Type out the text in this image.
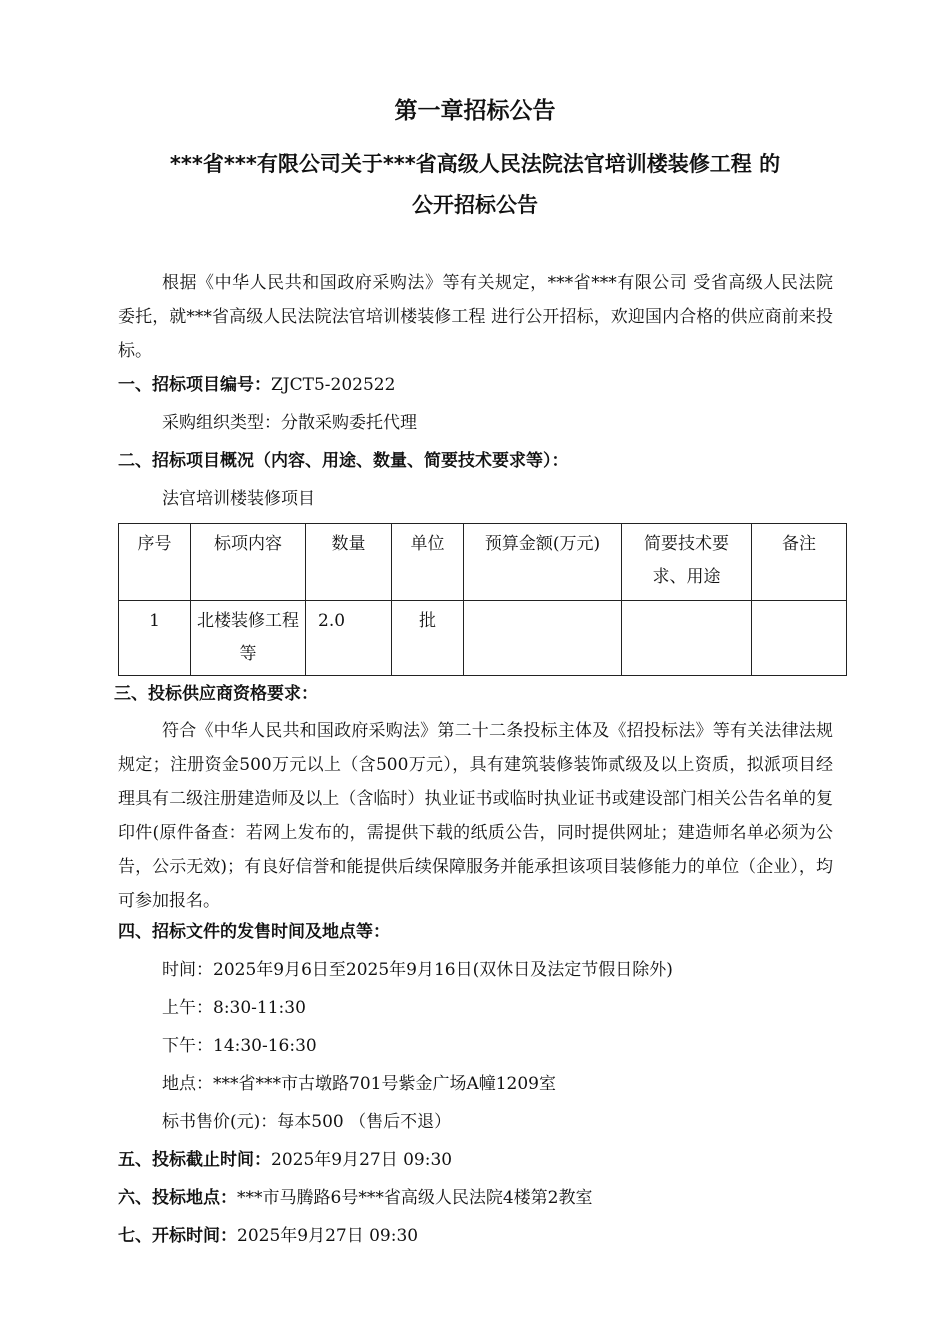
第一章招标公告
***省***有限公司关于***省高级人民法院法官培训楼装修工程 的
公开招标公告
根据《中华人民共和国政府采购法》等有关规定，***省***有限公司 受省高级人民法院 委托，就***省高级人民法院法官培训楼装修工程 进行公开招标，欢迎国内合格的供应商前来投标。
一、招标项目编号：ZJCT5-202522
采购组织类型：分散采购委托代理
二、招标项目概况（内容、用途、数量、简要技术要求等）：
法官培训楼装修项目
序号	标项内容	数量	单位	预算金额(万元)	简要技术要求、用途	备注
1	北楼装修工程等	2.0	批			
三、投标供应商资格要求：
符合《中华人民共和国政府采购法》第二十二条投标主体及《招投标法》等有关法律法规规定；注册资金500万元以上（含500万元），具有建筑装修装饰贰级及以上资质，拟派项目经理具有二级注册建造师及以上（含临时）执业证书或临时执业证书或建设部门相关公告名单的复印件(原件备查：若网上发布的，需提供下载的纸质公告，同时提供网址；建造师名单必须为公告，公示无效)；有良好信誉和能提供后续保障服务并能承担该项目装修能力的单位（企业），均可参加报名。
四、招标文件的发售时间及地点等：
时间：2025年9月6日至2025年9月16日(双休日及法定节假日除外)
上午：8:30-11:30
下午：14:30-16:30
地点：***省***市古墩路701号紫金广场A幢1209室
标书售价(元)：每本500 （售后不退）
五、投标截止时间：2025年9月27日 09:30
六、投标地点：***市马腾路6号***省高级人民法院4楼第2教室
七、开标时间：2025年9月27日 09:30
